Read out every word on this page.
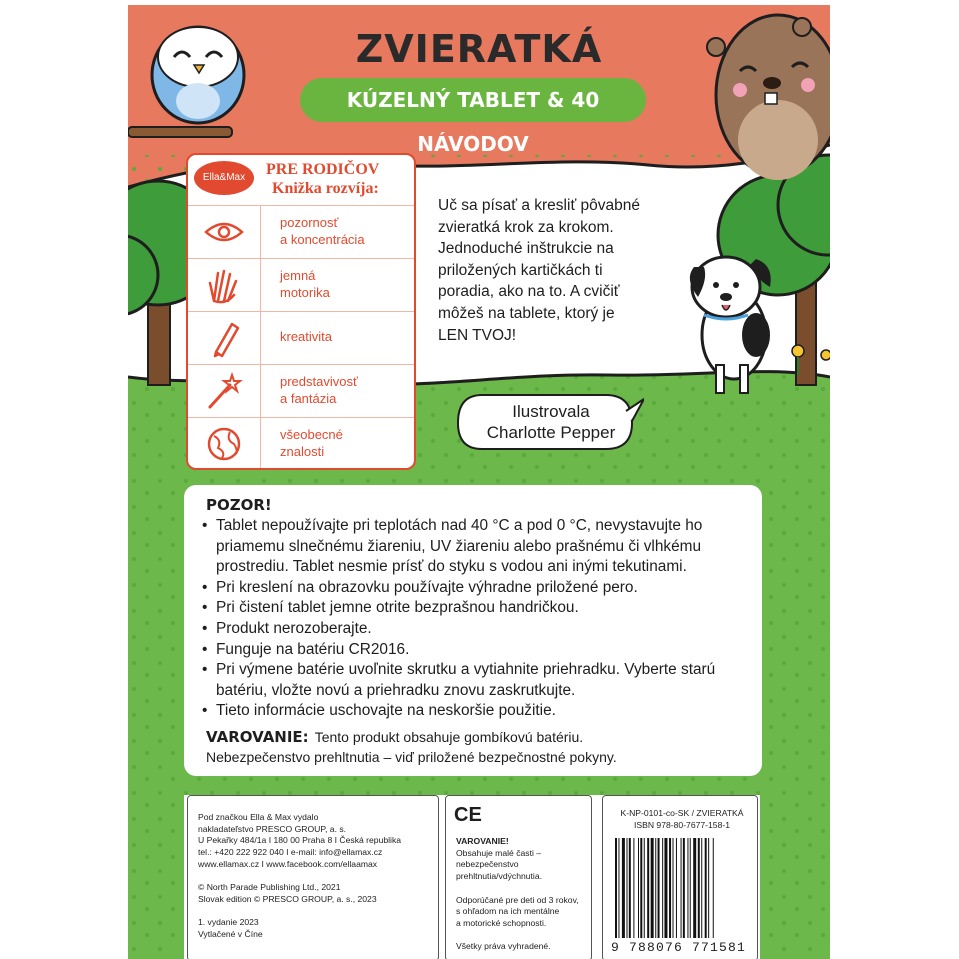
ZVIERATKÁ
KÚZELNÝ TABLET & 40 NÁVODOV
Ella&Max	PRE RODIČOV
Knižka rozvíja:
pozornosť
a koncentrácia
jemná
motorika
kreativita
predstavivosť
a fantázia
všeobecné
znalosti
Uč sa písať a kresliť pôvabné
zvieratká krok za krokom.
Jednoduché inštrukcie na
priložených kartičkách ti
poradia, ako na to. A cvičiť
môžeš na tablete, ktorý je
LEN TVOJ!
Ilustrovala
Charlotte Pepper
POZOR!
• Tablet nepoužívajte pri teplotách nad 40 °C a pod 0 °C, nevystavujte ho priamemu slnečnému žiareniu, UV žiareniu alebo prašnému či vlhkému prostrediu. Tablet nesmie prísť do styku s vodou ani inými tekutinami.
• Pri kreslení na obrazovku používajte výhradne priložené pero.
• Pri čistení tablet jemne otrite bezprašnou handričkou.
• Produkt nerozoberajte.
• Funguje na batériu CR2016.
• Pri výmene batérie uvoľnite skrutku a vytiahnite priehradku. Vyberte starú batériu, vložte novú a priehradku znovu zaskrutkujte.
• Tieto informácie uschovajte na neskoršie použitie.
VAROVANIE: Tento produkt obsahuje gombíkovú batériu.
Nebezpečenstvo prehltnutia – viď priložené bezpečnostné pokyny.
Pod značkou Ella & Max vydalo
nakladateľstvo PRESCO GROUP, a. s.
U Pekařky 484/1a I 180 00 Praha 8 I Česká republika
tel.: +420 222 922 040 I e-mail: info@ellamax.cz
www.ellamax.cz I www.facebook.com/ellaamax

© North Parade Publishing Ltd., 2021
Slovak edition © PRESCO GROUP, a. s., 2023

1. vydanie 2023
Vytlačené v Číne
CE
VAROVANIE!
Obsahuje malé časti –
nebezpečenstvo
prehltnutia/vdýchnutia.

Odporúčané pre deti od 3 rokov,
s ohľadom na ich mentálne
a motorické schopnosti.

Všetky práva vyhradené.
K-NP-0101-co-SK / ZVIERATKÁ
ISBN 978-80-7677-158-1
9 788076 771581
